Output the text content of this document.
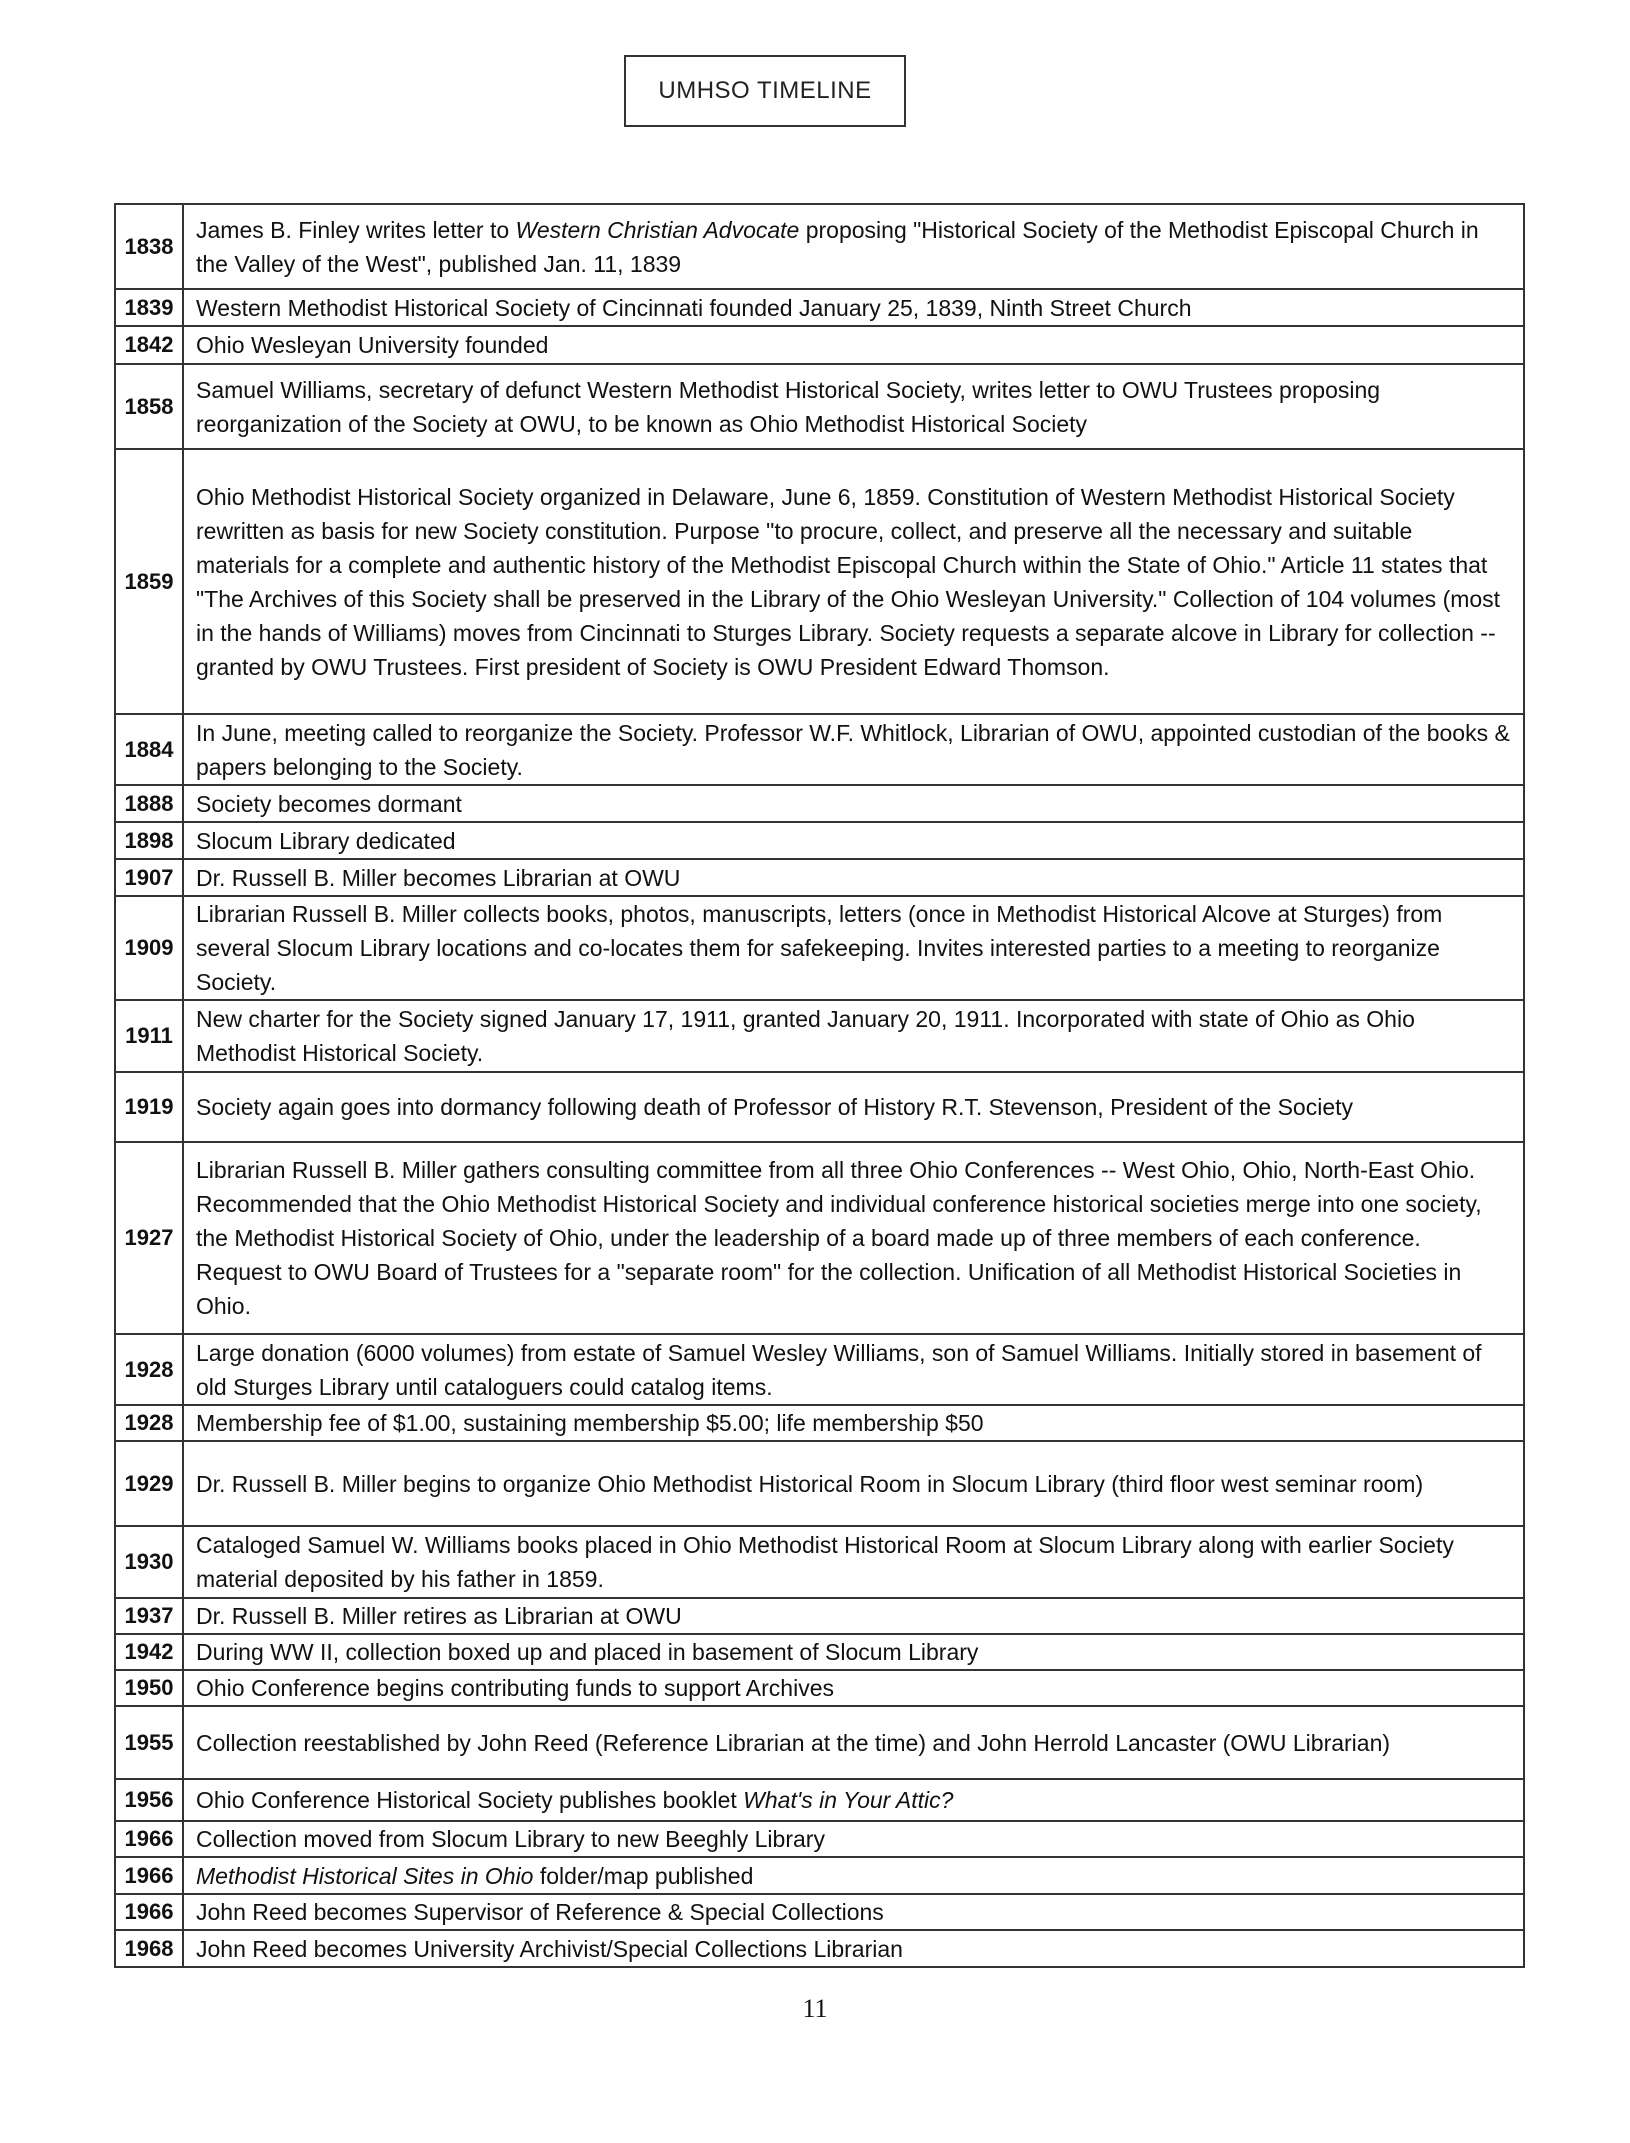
UMHSO TIMELINE
1838	James B. Finley writes letter to Western Christian Advocate proposing "Historical Society of the Methodist Episcopal Church in the Valley of the West", published Jan. 11, 1839
1839	Western Methodist Historical Society of Cincinnati founded January 25, 1839, Ninth Street Church
1842	Ohio Wesleyan University founded
1858	Samuel Williams, secretary of defunct Western Methodist Historical Society, writes letter to OWU Trustees proposing reorganization of the Society at OWU, to be known as Ohio Methodist Historical Society
1859	Ohio Methodist Historical Society organized in Delaware, June 6, 1859. Constitution of Western Methodist Historical Society rewritten as basis for new Society constitution. Purpose "to procure, collect, and preserve all the necessary and suitable materials for a complete and authentic history of the Methodist Episcopal Church within the State of Ohio." Article 11 states that "The Archives of this Society shall be preserved in the Library of the Ohio Wesleyan University." Collection of 104 volumes (most in the hands of Williams) moves from Cincinnati to Sturges Library. Society requests a separate alcove in Library for collection -- granted by OWU Trustees. First president of Society is OWU President Edward Thomson.
1884	In June, meeting called to reorganize the Society. Professor W.F. Whitlock, Librarian of OWU, appointed custodian of the books & papers belonging to the Society.
1888	Society becomes dormant
1898	Slocum Library dedicated
1907	Dr. Russell B. Miller becomes Librarian at OWU
1909	Librarian Russell B. Miller collects books, photos, manuscripts, letters (once in Methodist Historical Alcove at Sturges) from several Slocum Library locations and co-locates them for safekeeping. Invites interested parties to a meeting to reorganize Society.
1911	New charter for the Society signed January 17, 1911, granted January 20, 1911. Incorporated with state of Ohio as Ohio Methodist Historical Society.
1919	Society again goes into dormancy following death of Professor of History R.T. Stevenson, President of the Society
1927	Librarian Russell B. Miller gathers consulting committee from all three Ohio Conferences -- West Ohio, Ohio, North-East Ohio. Recommended that the Ohio Methodist Historical Society and individual conference historical societies merge into one society, the Methodist Historical Society of Ohio, under the leadership of a board made up of three members of each conference. Request to OWU Board of Trustees for a "separate room" for the collection. Unification of all Methodist Historical Societies in Ohio.
1928	Large donation (6000 volumes) from estate of Samuel Wesley Williams, son of Samuel Williams. Initially stored in basement of old Sturges Library until cataloguers could catalog items.
1928	Membership fee of $1.00, sustaining membership $5.00; life membership $50
1929	Dr. Russell B. Miller begins to organize Ohio Methodist Historical Room in Slocum Library (third floor west seminar room)
1930	Cataloged Samuel W. Williams books placed in Ohio Methodist Historical Room at Slocum Library along with earlier Society material deposited by his father in 1859.
1937	Dr. Russell B. Miller retires as Librarian at OWU
1942	During WW II, collection boxed up and placed in basement of Slocum Library
1950	Ohio Conference begins contributing funds to support Archives
1955	Collection reestablished by John Reed (Reference Librarian at the time) and John Herrold Lancaster (OWU Librarian)
1956	Ohio Conference Historical Society publishes booklet What's in Your Attic?
1966	Collection moved from Slocum Library to new Beeghly Library
1966	Methodist Historical Sites in Ohio folder/map published
1966	John Reed becomes Supervisor of Reference & Special Collections
1968	John Reed becomes University Archivist/Special Collections Librarian
11
